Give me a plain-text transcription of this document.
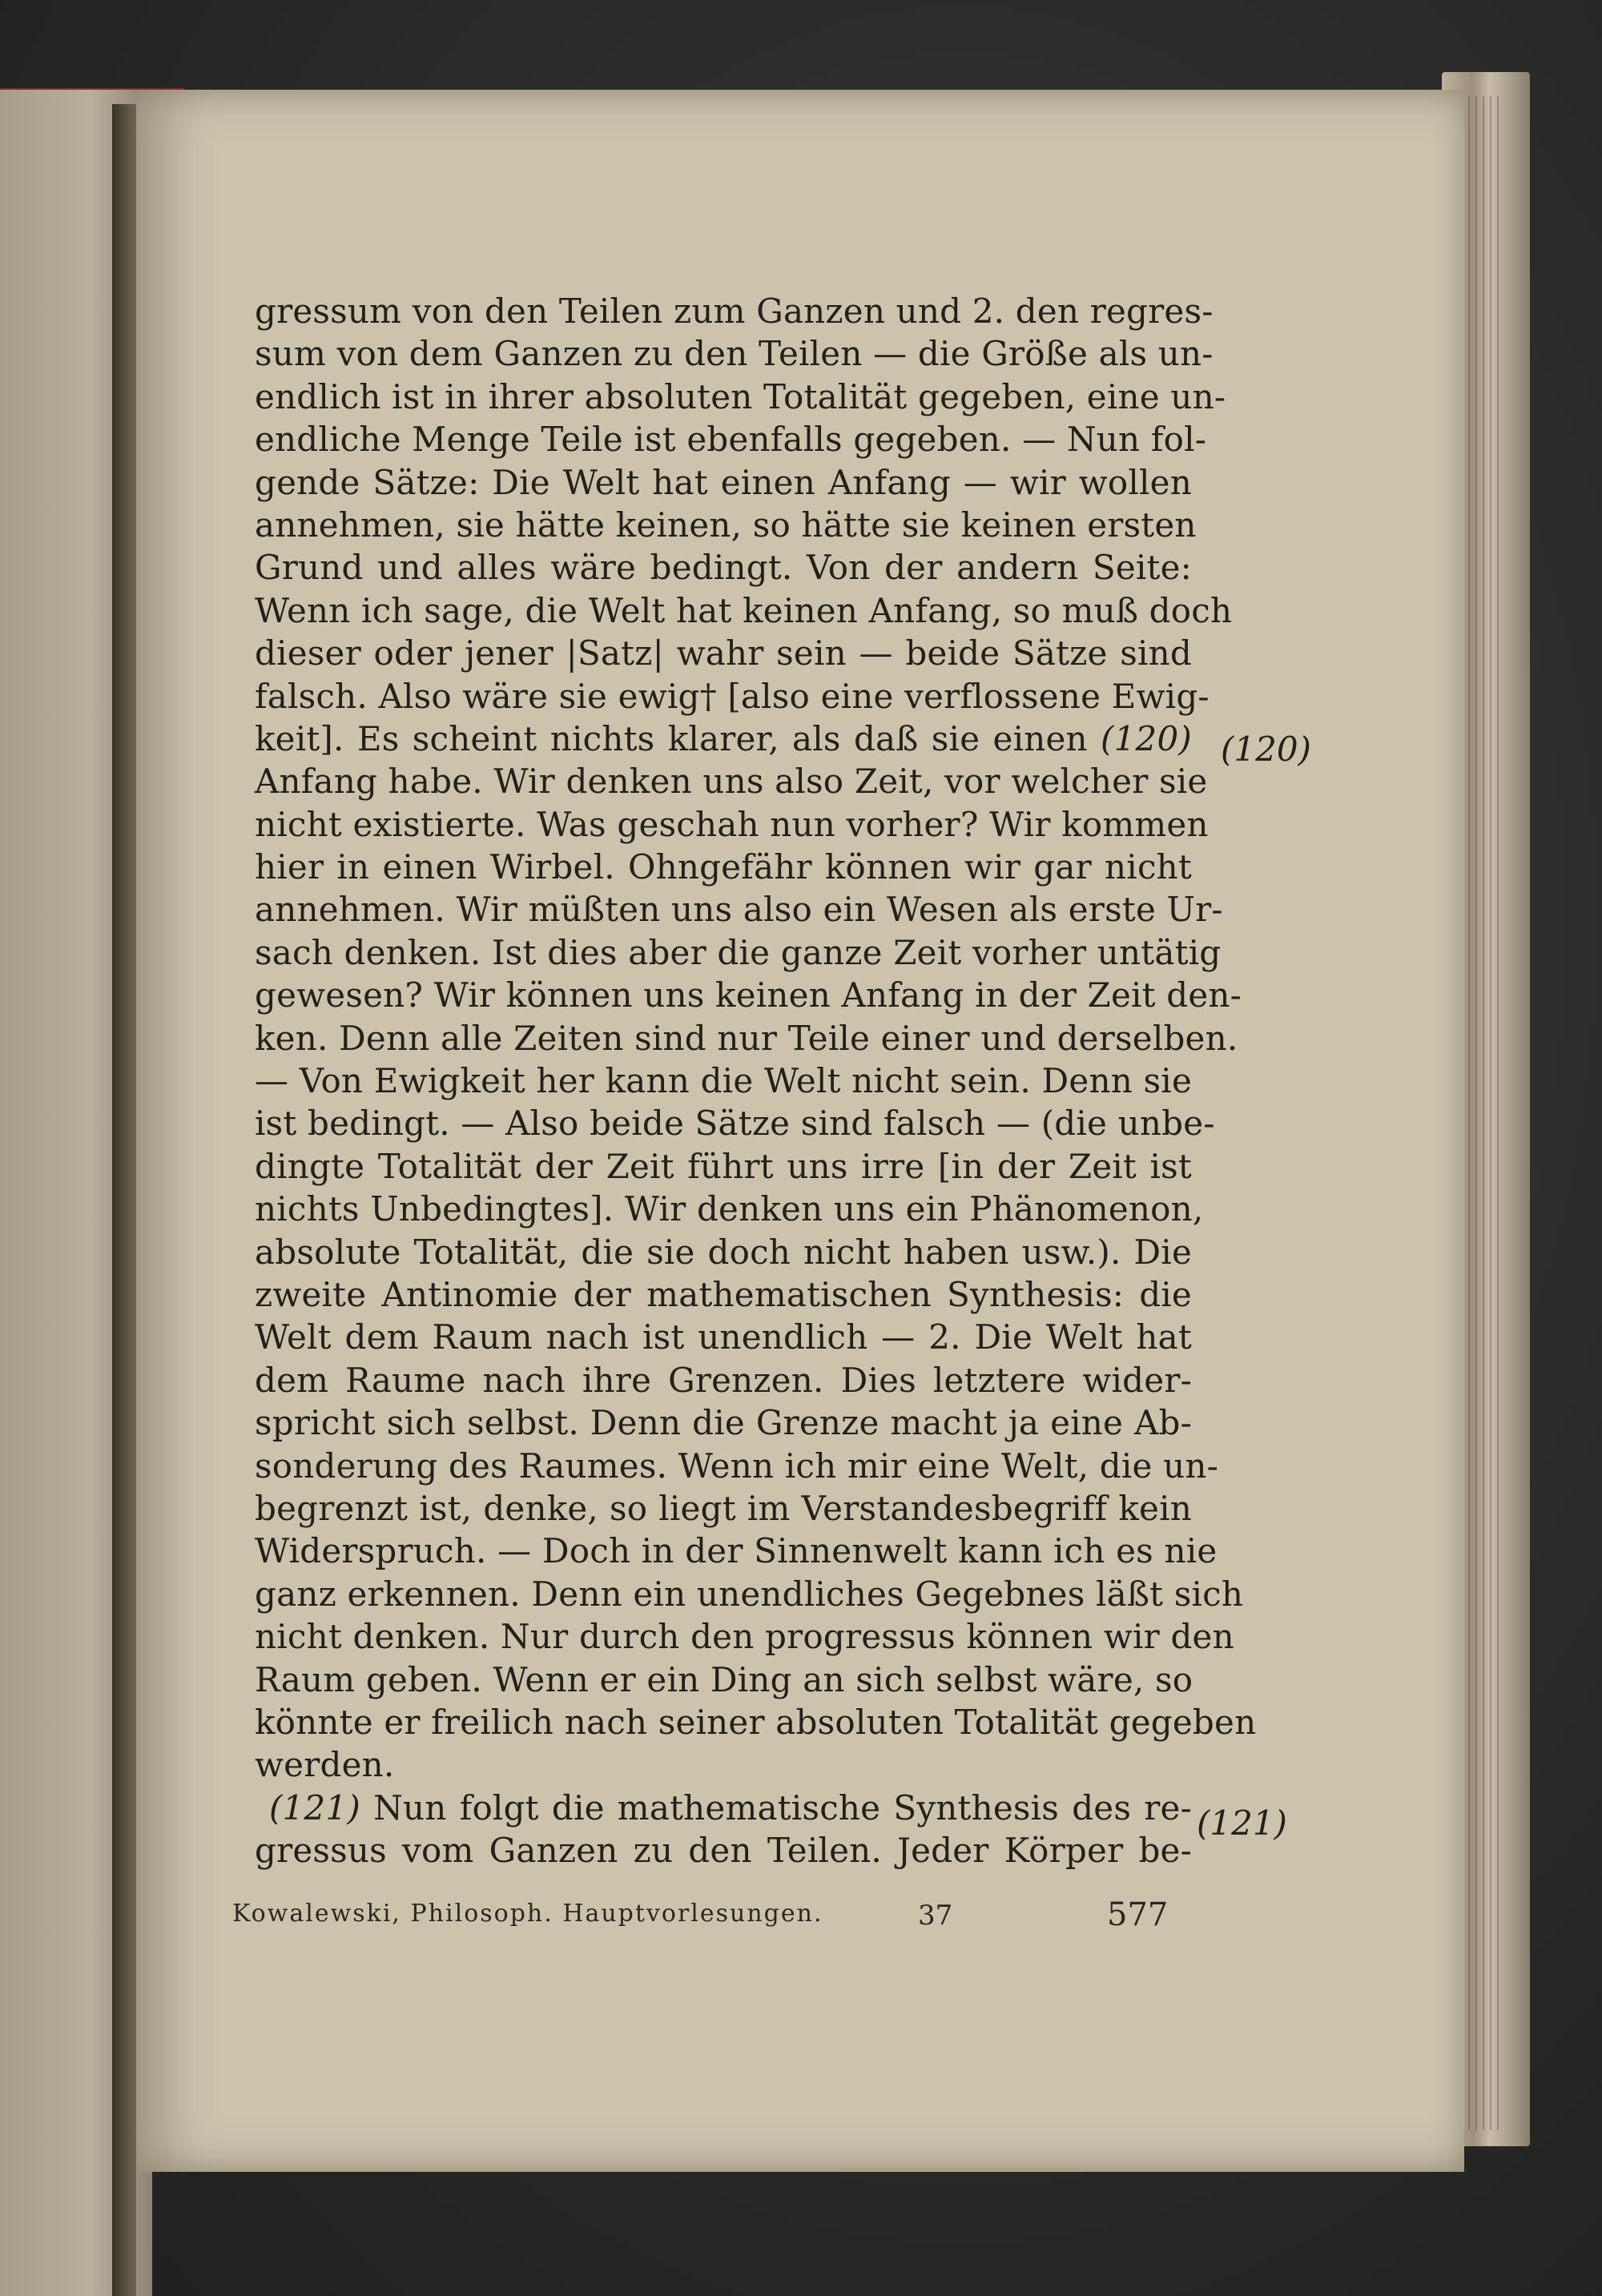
gressum von den Teilen zum Ganzen und 2. den regres-
sum von dem Ganzen zu den Teilen — die Größe als un-
endlich ist in ihrer absoluten Totalität gegeben, eine un-
endliche Menge Teile ist ebenfalls gegeben. — Nun fol-
gende Sätze: Die Welt hat einen Anfang — wir wollen
annehmen, sie hätte keinen, so hätte sie keinen ersten
Grund und alles wäre bedingt. Von der andern Seite:
Wenn ich sage, die Welt hat keinen Anfang, so muß doch
dieser oder jener |Satz| wahr sein — beide Sätze sind
falsch. Also wäre sie ewig† [also eine verflossene Ewig-
keit]. Es scheint nichts klarer, als daß sie einen (120)
Anfang habe. Wir denken uns also Zeit, vor welcher sie
nicht existierte. Was geschah nun vorher? Wir kommen
hier in einen Wirbel. Ohngefähr können wir gar nicht
annehmen. Wir müßten uns also ein Wesen als erste Ur-
sach denken. Ist dies aber die ganze Zeit vorher untätig
gewesen? Wir können uns keinen Anfang in der Zeit den-
ken. Denn alle Zeiten sind nur Teile einer und derselben.
— Von Ewigkeit her kann die Welt nicht sein. Denn sie
ist bedingt. — Also beide Sätze sind falsch — (die unbe-
dingte Totalität der Zeit führt uns irre [in der Zeit ist
nichts Unbedingtes]. Wir denken uns ein Phänomenon,
absolute Totalität, die sie doch nicht haben usw.). Die
zweite Antinomie der mathematischen Synthesis: die
Welt dem Raum nach ist unendlich — 2. Die Welt hat
dem Raume nach ihre Grenzen. Dies letztere wider-
spricht sich selbst. Denn die Grenze macht ja eine Ab-
sonderung des Raumes. Wenn ich mir eine Welt, die un-
begrenzt ist, denke, so liegt im Verstandesbegriff kein
Widerspruch. — Doch in der Sinnenwelt kann ich es nie
ganz erkennen. Denn ein unendliches Gegebnes läßt sich
nicht denken. Nur durch den progressus können wir den
Raum geben. Wenn er ein Ding an sich selbst wäre, so
könnte er freilich nach seiner absoluten Totalität gegeben
werden.
(121) Nun folgt die mathematische Synthesis des re-
gressus vom Ganzen zu den Teilen. Jeder Körper be-
(120)
(121)
Kowalewski, Philosoph. Hauptvorlesungen.	37	577
